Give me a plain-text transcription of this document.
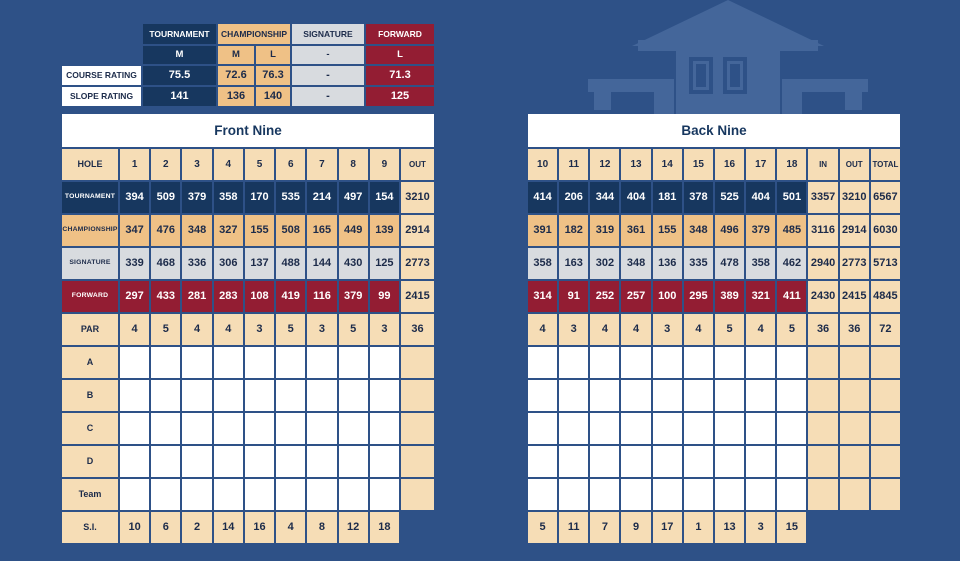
TOURNAMENT	CHAMPIONSHIP	SIGNATURE	FORWARD
M	M	L	-	L
COURSE RATING	75.5	72.6	76.3	-	71.3
SLOPE RATING	141	136	140	-	125
Front Nine
HOLE	1	2	3	4	5	6	7	8	9	OUT
TOURNAMENT 394	509	379	358	170	535	214	497	154	3210
CHAMPIONSHIP 347	476	348	327	155	508	165	449	139	2914
SIGNATURE	339	468	336	306	137	488	144	430	125	2773
FORWARD	297	433	281	283	108	419	116	379	99	2415
PAR	4	5	4	4	3	5	3	5	3	36
A
B
C
D
Team
S.I.	10	6	2	14	16	4	8	12	18
Back Nine
10	11	12	13	14	15	16	17	18	IN	OUT	TOTAL
414	206	344	404	181	378	525	404	501 3357 3210 6567
391	182	319	361	155	348	496	379	485 3116 2914 6030
358	163	302	348	136	335	478	358	462 2940 2773 5713
314	91	252	257	100	295	389	321	411 2430 2415 4845
4	3	4	4	3	4	5	4	5	36	36	72
5	11	7	9	17	1	13	3	15
